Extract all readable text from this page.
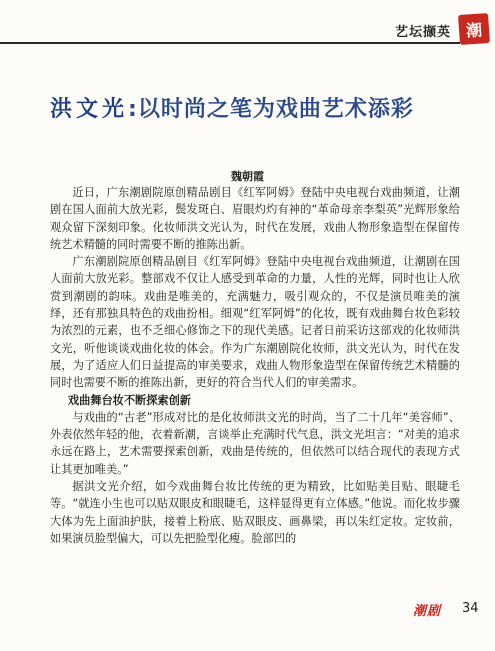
艺坛撷英 潮
洪文光:以时尚之笔为戏曲艺术添彩
魏朝霞

近日，广东潮剧院原创精品剧目《红军阿姆》登陆中央电视台戏曲频道，让潮剧在国人面前大放光彩，鬓发斑白、眉眼灼灼有神的“革命母亲李梨英”光辉形象给观众留下深刻印象。化妆师洪文光认为，时代在发展，戏曲人物形象造型在保留传统艺术精髓的同时需要不断的推陈出新。

广东潮剧院原创精品剧目《红军阿姆》登陆中央电视台戏曲频道，让潮剧在国人面前大放光彩。整部戏不仅让人感受到革命的力量，人性的光辉，同时也让人欣赏到潮剧的韵味。戏曲是唯美的，充满魅力，吸引观众的，不仅是演员唯美的演绎，还有那独具特色的戏曲扮相。细观“红军阿姆”的化妆，既有戏曲舞台妆色彩较为浓烈的元素，也不乏细心修饰之下的现代美感。记者日前采访这部戏的化妆师洪文光，听他谈谈戏曲化妆的体会。作为广东潮剧院化妆师，洪文光认为，时代在发展，为了适应人们日益提高的审美要求，戏曲人物形象造型在保留传统艺术精髓的同时也需要不断的推陈出新，更好的符合当代人们的审美需求。

戏曲舞台妆不断探索创新

与戏曲的“古老”形成对比的是化妆师洪文光的时尚，当了二十几年“美容师”、外表依然年轻的他，衣着新潮，言谈举止充满时代气息，洪文光坦言：“对美的追求永远在路上，艺术需要探索创新，戏曲是传统的，但依然可以结合现代的表现方式让其更加唯美。”

据洪文光介绍，如今戏曲舞台妆比传统的更为精致，比如贴美目贴、眼睫毛等。“就连小生也可以贴双眼皮和眼睫毛，这样显得更有立体感。”他说。而化妆步骤大体为先上面油护肤，接着上粉底、贴双眼皮、画鼻梁，再以朱红定妆。定妆前，如果演员脸型偏大，可以先把脸型化瘦。脸部凹的

潮剧 34
